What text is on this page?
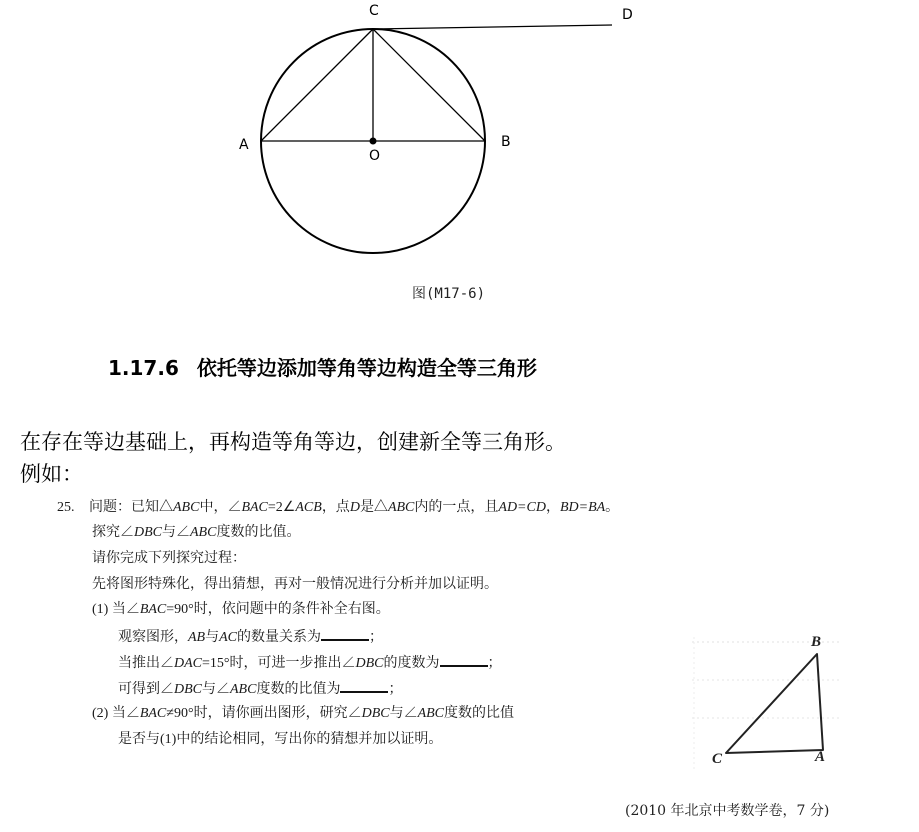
C	D
A
O
B
图(M17-6)
1.17.6 依托等边添加等角等边构造全等三角形
在存在等边基础上，再构造等角等边，创建新全等三角形。
例如：
25. 问题：已知△ABC中，∠BAC=2∠ACB，点D是△ABC内的一点，且AD=CD，BD=BA。
探究∠DBC与∠ABC度数的比值。
请你完成下列探究过程：
先将图形特殊化，得出猜想，再对一般情况进行分析并加以证明。
(1) 当∠BAC=90°时，依问题中的条件补全右图。
观察图形，AB与AC的数量关系为	；
当推出∠DAC=15°时，可进一步推出∠DBC的度数为	；
可得到∠DBC与∠ABC度数的比值为	；
(2) 当∠BAC≠90°时，请你画出图形，研究∠DBC与∠ABC度数的比值
是否与(1)中的结论相同，写出你的猜想并加以证明。
B
C	A
(2010 年北京中考数学卷，7 分)
